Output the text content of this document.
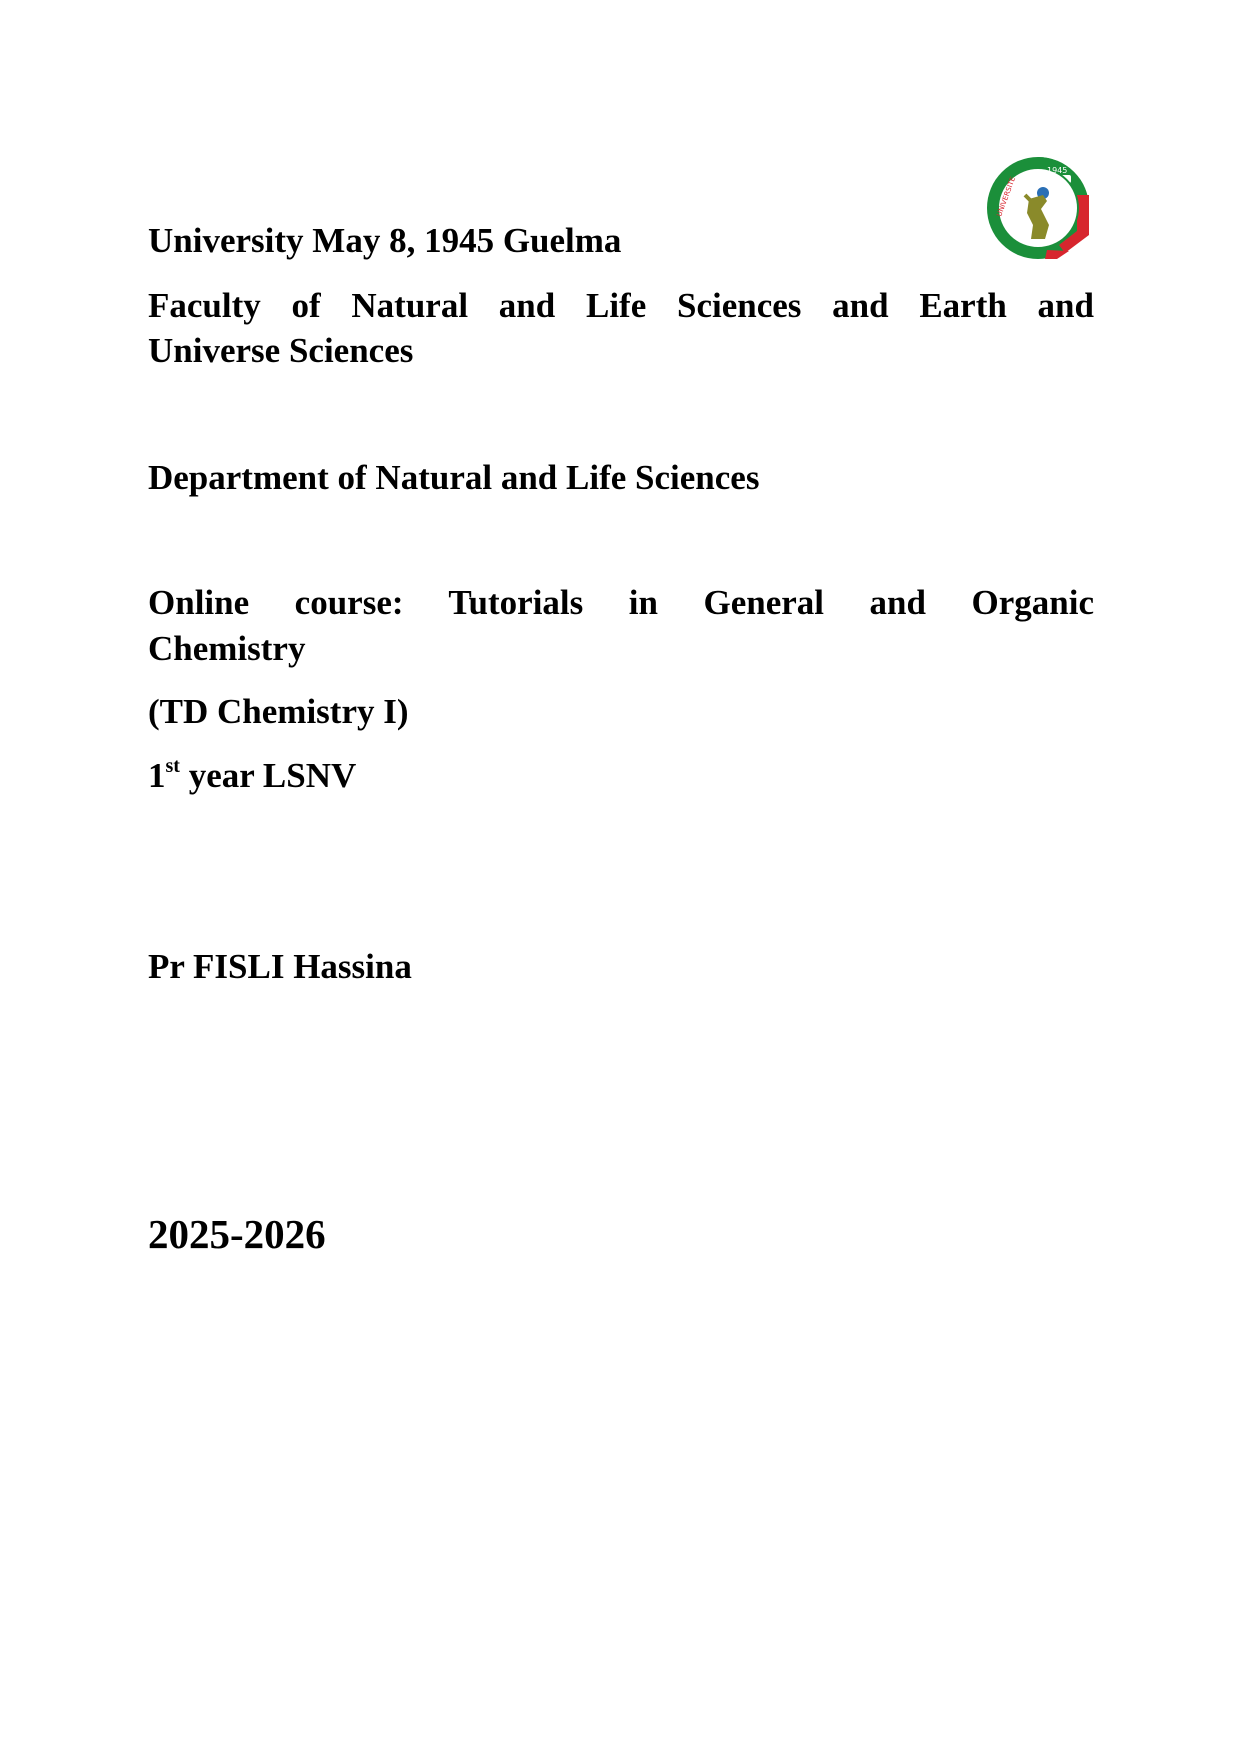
UNIVERSITE
1945

University May 8, 1945 Guelma

Faculty of Natural and Life Sciences and Earth and

Universe Sciences

Department of Natural and Life Sciences

Online course: Tutorials in General and Organic

Chemistry

(TD Chemistry I)

1st year LSNV

Pr FISLI Hassina

2025-2026
